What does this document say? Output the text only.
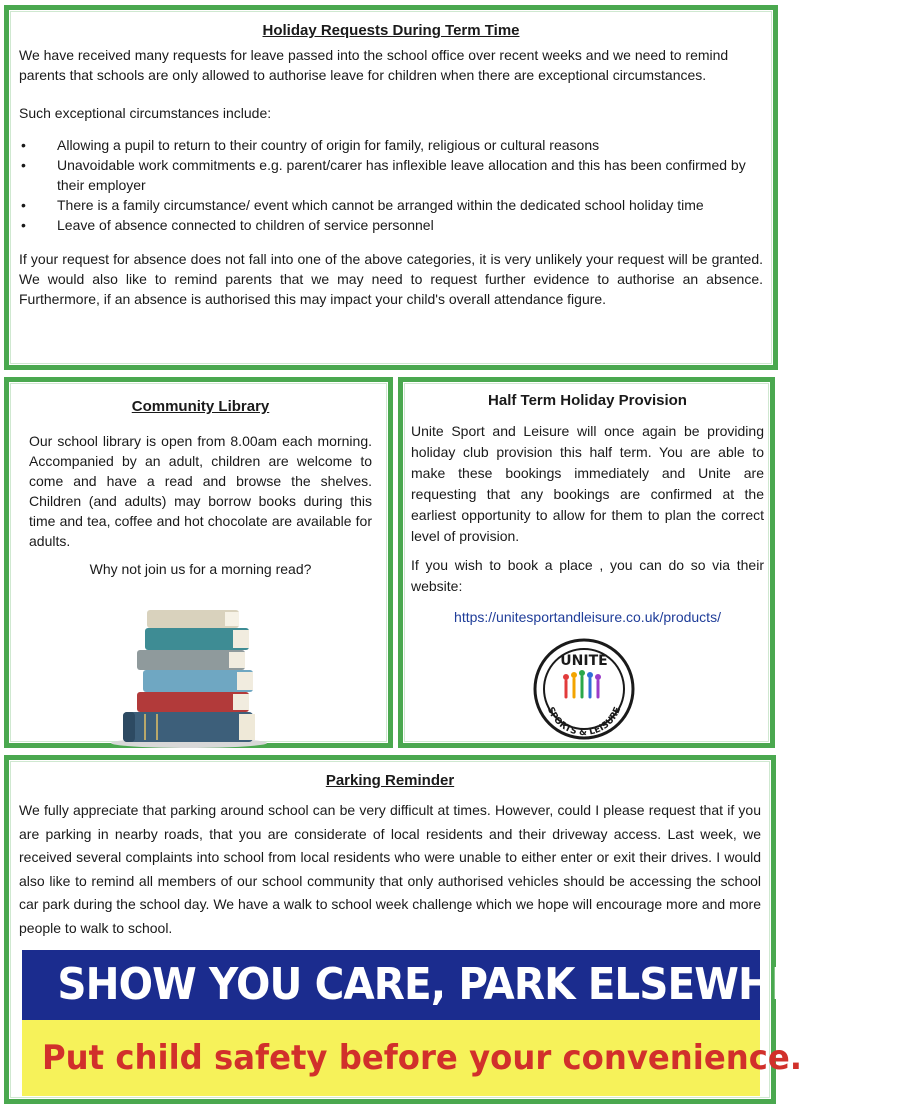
Holiday Requests During Term Time

We have received many requests for leave passed into the school office over recent weeks and we need to remind parents that schools are only allowed to authorise leave for children when there are exceptional circumstances.

Such exceptional circumstances include:

• Allowing a pupil to return to their country of origin for family, religious or cultural reasons
• Unavoidable work commitments e.g. parent/carer has inflexible leave allocation and this has been confirmed by their employer
• There is a family circumstance/ event which cannot be arranged within the dedicated school holiday time
• Leave of absence connected to children of service personnel

If your request for absence does not fall into one of the above categories, it is very unlikely your request will be granted. We would also like to remind parents that we may need to request further evidence to authorise an absence. Furthermore, if an absence is authorised this may impact your child's overall attendance figure.

Community Library

Our school library is open from 8.00am each morning. Accompanied by an adult, children are welcome to come and have a read and browse the shelves. Children (and adults) may borrow books during this time and tea, coffee and hot chocolate are available for adults.

Why not join us for a morning read?

Half Term Holiday Provision

Unite Sport and Leisure will once again be providing holiday club provision this half term. You are able to make these bookings immediately and Unite are requesting that any bookings are confirmed at the earliest opportunity to allow for them to plan the correct level of provision.

If you wish to book a place , you can do so via their website:

https://unitesportandleisure.co.uk/products/

UNITE
SPORTS & LEISURE
Parking Reminder

We fully appreciate that parking around school can be very difficult at times. However, could I please request that if you are parking in nearby roads, that you are considerate of local residents and their driveway access. Last week, we received several complaints into school from local residents who were unable to either enter or exit their drives. I would also like to remind all members of our school community that only authorised vehicles should be accessing the school car park during the school day. We have a walk to school week challenge which we hope will encourage more and more people to walk to school.

SHOW YOU CARE, PARK ELSEWHERE!
Put child safety before your convenience.
